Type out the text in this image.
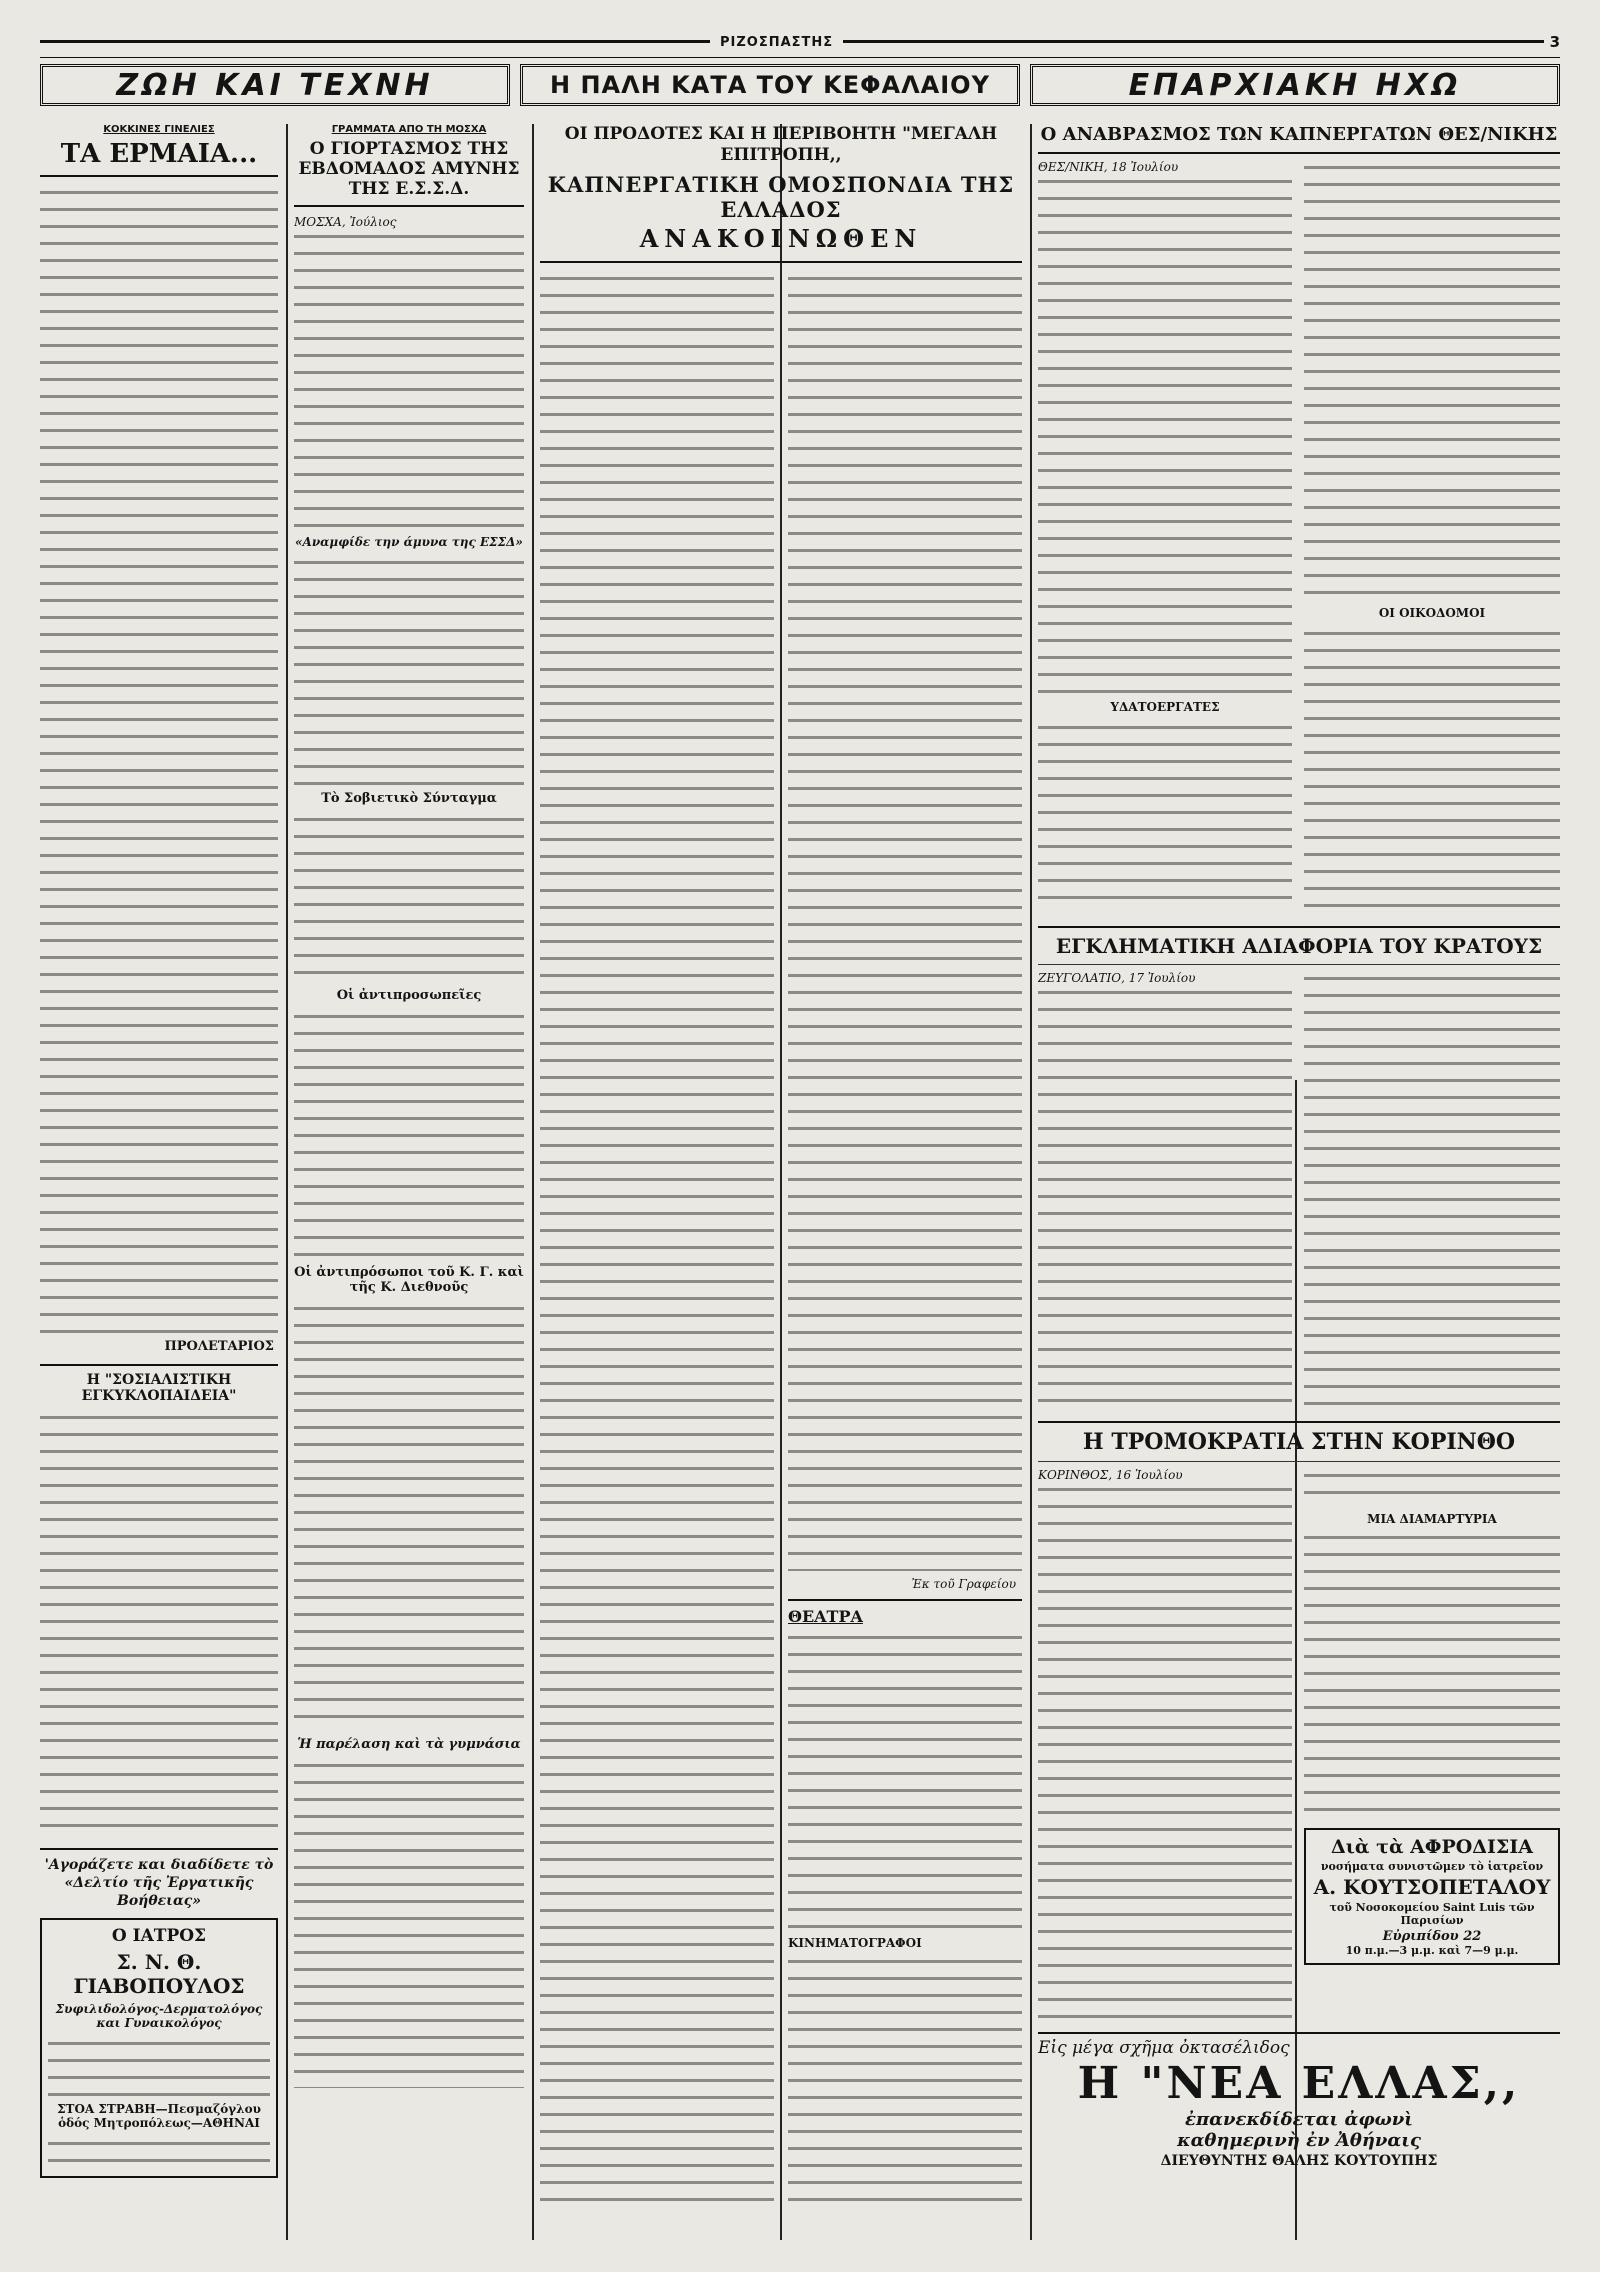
ΡΙΖΟΣΠΑΣΤΗΣ	3
ΖΩΗ ΚΑΙ ΤΕΧΝΗ	Η ΠΑΛΗ ΚΑΤΑ ΤΟΥ ΚΕΦΑΛΑΙΟΥ	ΕΠΑΡΧΙΑΚΗ ΗΧΩ
ΚΟΚΚΙΝΕΣ ΓΙΝΕΛΙΕΣ
ΤΑ ΕΡΜΑΙΑ...
ΠΡΟΛΕΤΑΡΙΟΣ
Η "ΣΟΣΙΑΛΙΣΤΙΚΗ ΕΓΚΥΚΛΟΠΑΙΔΕΙΑ"
'Αγοράζετε και διαδίδετε τὸ «Δελτίο τῆς Ἐργατικῆς Βοήθειας»
Ο ΙΑΤΡΟΣ
Σ. Ν. Θ. ΓΙΑΒΟΠΟΥΛΟΣ
Συφιλιδολόγος-Δερματολόγος και Γυναικολόγος
ΣΤΟΑ ΣΤΡΑΒΗ—Πεσμαζόγλου ὁδός Μητροπόλεως—ΑΘΗΝΑΙ
ΓΡΑΜΜΑΤΑ ΑΠΟ ΤΗ ΜΟΣΧΑ
Ο ΓΙΟΡΤΑΣΜΟΣ ΤΗΣ ΕΒΔΟΜΑΔΟΣ ΑΜΥΝΗΣ ΤΗΣ Ε.Σ.Σ.Δ.
ΜΟΣΧΑ, Ἰούλιος
«Αναμφίδε την άμυνα της ΕΣΣΔ»
Τὸ Σοβιετικὸ Σύνταγμα
Οἱ ἀντιπροσωπεῖες
Οἱ ἀντιπρόσωποι τοῦ Κ. Γ. καὶ τῆς Κ. Διεθνοῦς
Ἡ παρέλαση καὶ τὰ γυμνάσια
ΟΙ ΠΡΟΔΟΤΕΣ ΚΑΙ Η ΠΕΡΙΒΟΗΤΗ "ΜΕΓΑΛΗ ΕΠΙΤΡΟΠΗ,,
ΚΑΠΝΕΡΓΑΤΙΚΗ ΟΜΟΣΠΟΝΔΙΑ ΤΗΣ ΕΛΛΑΔΟΣ
ΑΝΑΚΟΙΝΩΘΕΝ
Ἐκ τοῦ Γραφείου
ΘΕΑΤΡΑ
ΚΙΝΗΜΑΤΟΓΡΑΦΟΙ
Ο ΑΝΑΒΡΑΣΜΟΣ ΤΩΝ ΚΑΠΝΕΡΓΑΤΩΝ ΘΕΣ/ΝΙΚΗΣ
ΘΕΣ/ΝΙΚΗ, 18 Ἰουλίου
ΥΔΑΤΟΕΡΓΑΤΕΣ
ΟΙ ΟΙΚΟΔΟΜΟΙ
ΕΓΚΛΗΜΑΤΙΚΗ ΑΔΙΑΦΟΡΙΑ ΤΟΥ ΚΡΑΤΟΥΣ
ΖΕΥΓΟΛΑΤΙΟ, 17 Ἰουλίου
Η ΤΡΟΜΟΚΡΑΤΙΑ ΣΤΗΝ ΚΟΡΙΝΘΟ
ΚΟΡΙΝΘΟΣ, 16 Ἰουλίου
ΜΙΑ ΔΙΑΜΑΡΤΥΡΙΑ
Διὰ τὰ ΑΦΡΟΔΙΣΙΑ
νοσήματα συνιστῶμεν τὸ ἰατρεῖον
Α. ΚΟΥΤΣΟΠΕΤΑΛΟΥ
τοῦ Νοσοκομείου Saint Luis τῶν Παρισίων
Εὐριπίδου 22
10 π.μ.—3 μ.μ. καὶ 7—9 μ.μ.
Εἰς μέγα σχῆμα ὀκτασέλιδος
Η "ΝΕΑ ΕΛΛΑΣ,,
ἐπανεκδίδεται ἀφωνὶ
καθημερινὴ ἐν Ἀθήναις
ΔΙΕΥΘΥΝΤΗΣ ΘΑΛΗΣ ΚΟΥΤΟΥΠΗΣ
